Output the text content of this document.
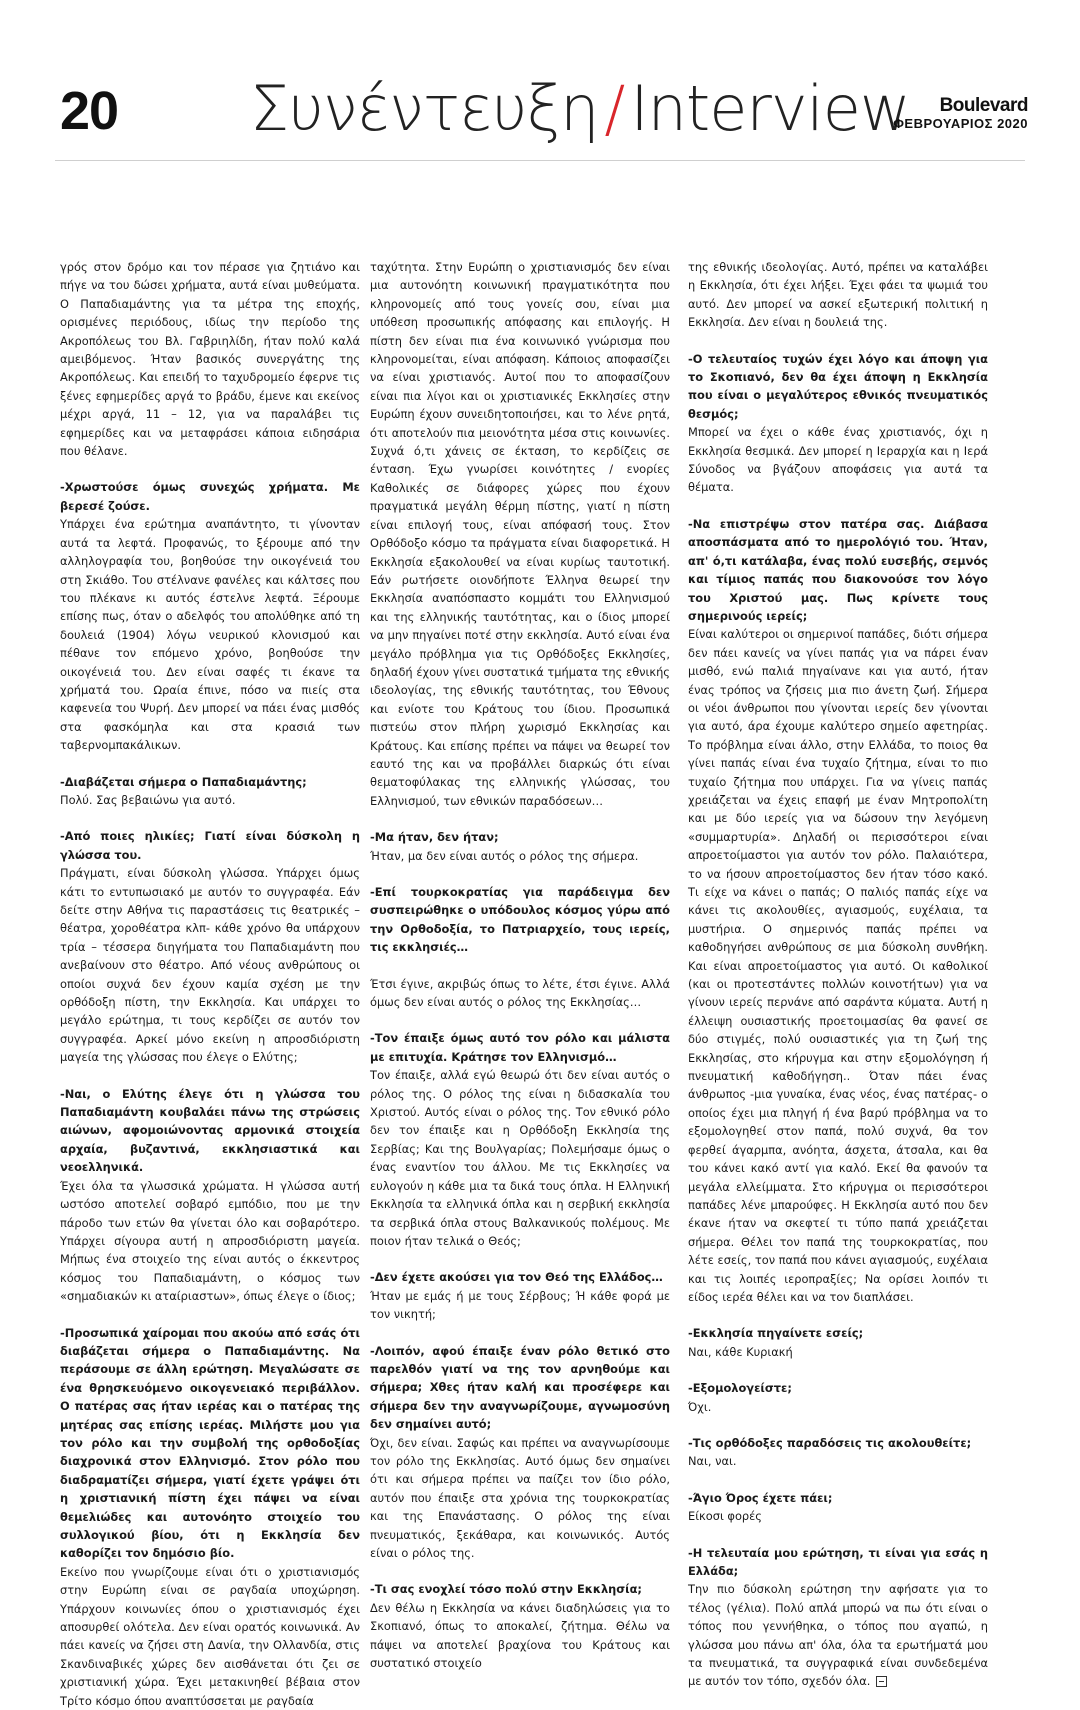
20 Συνέντευξη/Interview	Boulevard
ΦΕΒΡΟΥΑΡΙΟΣ 2020

γρός στον δρόμο και τον πέρασε για ζητιάνο και πήγε να του δώσει χρήματα, αυτά είναι μυθεύματα. Ο Παπαδιαμάντης για τα μέτρα της εποχής, ορισμένες περιόδους, ιδίως την περίοδο της Ακροπόλεως του Βλ. Γαβριηλίδη, ήταν πολύ καλά αμειβόμενος. Ήταν βασικός συνεργάτης της Ακροπόλεως. Και επειδή το ταχυδρομείο έφερνε τις ξένες εφημερίδες αργά το βράδυ, έμενε και εκείνος μέχρι αργά, 11 – 12, για να παραλάβει τις εφημερίδες και να μεταφράσει κάποια ειδησάρια που θέλανε.

-Χρωστούσε όμως συνεχώς χρήματα. Με βερεσέ ζούσε.

Υπάρχει ένα ερώτημα αναπάντητο, τι γίνονταν αυτά τα λεφτά. Προφανώς, το ξέρουμε από την αλληλογραφία του, βοηθούσε την οικογένειά του στη Σκιάθο. Του στέλνανε φανέλες και κάλτσες που του πλέκανε κι αυτός έστελνε λεφτά. Ξέρουμε επίσης πως, όταν ο αδελφός του απολύθηκε από τη δουλειά (1904) λόγω νευρικού κλονισμού και πέθανε τον επόμενο χρόνο, βοηθούσε την οικογένειά του. Δεν είναι σαφές τι έκανε τα χρήματά του. Ωραία έπινε, πόσο να πιείς στα καφενεία του Ψυρή. Δεν μπορεί να πάει ένας μισθός στα φασκόμηλα και στα κρασιά των ταβερνομπακάλικων.

-Διαβάζεται σήμερα ο Παπαδιαμάντης;

Πολύ. Σας βεβαιώνω για αυτό.

-Από ποιες ηλικίες; Γιατί είναι δύσκολη η γλώσσα του.

Πράγματι, είναι δύσκολη γλώσσα. Υπάρχει όμως κάτι το εντυπωσιακό με αυτόν το συγγραφέα. Εάν δείτε στην Αθήνα τις παραστάσεις τις θεατρικές –θέατρα, χοροθέατρα κλπ- κάθε χρόνο θα υπάρχουν τρία – τέσσερα διηγήματα του Παπαδιαμάντη που ανεβαίνουν στο θέατρο. Από νέους ανθρώπους οι οποίοι συχνά δεν έχουν καμία σχέση με την ορθόδοξη πίστη, την Εκκλησία. Και υπάρχει το μεγάλο ερώτημα, τι τους κερδίζει σε αυτόν τον συγγραφέα. Αρκεί μόνο εκείνη η απροσδιόριστη μαγεία της γλώσσας που έλεγε ο Ελύτης;

-Ναι, ο Ελύτης έλεγε ότι η γλώσσα του Παπαδιαμάντη κουβαλάει πάνω της στρώσεις αιώνων, αφομοιώνοντας αρμονικά στοιχεία αρχαία, βυζαντινά, εκκλησιαστικά και νεοελληνικά.

Έχει όλα τα γλωσσικά χρώματα. Η γλώσσα αυτή ωστόσο αποτελεί σοβαρό εμπόδιο, που με την πάροδο των ετών θα γίνεται όλο και σοβαρότερο. Υπάρχει σίγουρα αυτή η απροσδιόριστη μαγεία. Μήπως ένα στοιχείο της είναι αυτός ο έκκεντρος κόσμος του Παπαδιαμάντη, ο κόσμος των «σημαδιακών κι αταίριαστων», όπως έλεγε ο ίδιος;

-Προσωπικά χαίρομαι που ακούω από εσάς ότι διαβάζεται σήμερα ο Παπαδιαμάντης. Να περάσουμε σε άλλη ερώτηση. Μεγαλώσατε σε ένα θρησκευόμενο οικογενειακό περιβάλλον. Ο πατέρας σας ήταν ιερέας και ο πατέρας της μητέρας σας επίσης ιερέας. Μιλήστε μου για τον ρόλο και την συμβολή της ορθοδοξίας διαχρονικά στον Ελληνισμό. Στον ρόλο που διαδραματίζει σήμερα, γιατί έχετε γράψει ότι η χριστιανική πίστη έχει πάψει να είναι θεμελιώδες και αυτονόητο στοιχείο του συλλογικού βίου, ότι η Εκκλησία δεν καθορίζει τον δημόσιο βίο.

Εκείνο που γνωρίζουμε είναι ότι ο χριστιανισμός στην Ευρώπη είναι σε ραγδαία υποχώρηση. Υπάρχουν κοινωνίες όπου ο χριστιανισμός έχει αποσυρθεί ολότελα. Δεν είναι ορατός κοινωνικά. Αν πάει κανείς να ζήσει στη Δανία, την Ολλανδία, στις Σκανδιναβικές χώρες δεν αισθάνεται ότι ζει σε χριστιανική χώρα. Έχει μετακινηθεί βέβαια στον Τρίτο κόσμο όπου αναπτύσσεται με ραγδαία

ταχύτητα. Στην Ευρώπη ο χριστιανισμός δεν είναι μια αυτονόητη κοινωνική πραγματικότητα που κληρονομείς από τους γονείς σου, είναι μια υπόθεση προσωπικής απόφασης και επιλογής. Η πίστη δεν είναι πια ένα κοινωνικό γνώρισμα που κληρονομείται, είναι απόφαση. Κάποιος αποφασίζει να είναι χριστιανός. Αυτοί που το αποφασίζουν είναι πια λίγοι και οι χριστιανικές Εκκλησίες στην Ευρώπη έχουν συνειδητοποιήσει, και το λένε ρητά, ότι αποτελούν πια μειονότητα μέσα στις κοινωνίες. Συχνά ό,τι χάνεις σε έκταση, το κερδίζεις σε ένταση. Έχω γνωρίσει κοινότητες / ενορίες Καθολικές σε διάφορες χώρες που έχουν πραγματικά μεγάλη θέρμη πίστης, γιατί η πίστη είναι επιλογή τους, είναι απόφασή τους. Στον Ορθόδοξο κόσμο τα πράγματα είναι διαφορετικά. Η Εκκλησία εξακολουθεί να είναι κυρίως ταυτοτική. Εάν ρωτήσετε οιονδήποτε Έλληνα θεωρεί την Εκκλησία αναπόσπαστο κομμάτι του Ελληνισμού και της ελληνικής ταυτότητας, και ο ίδιος μπορεί να μην πηγαίνει ποτέ στην εκκλησία. Αυτό είναι ένα μεγάλο πρόβλημα για τις Ορθόδοξες Εκκλησίες, δηλαδή έχουν γίνει συστατικά τμήματα της εθνικής ιδεολογίας, της εθνικής ταυτότητας, του Έθνους και ενίοτε του Κράτους του ίδιου. Προσωπικά πιστεύω στον πλήρη χωρισμό Εκκλησίας και Κράτους. Και επίσης πρέπει να πάψει να θεωρεί τον εαυτό της και να προβάλλει διαρκώς ότι είναι θεματοφύλακας της ελληνικής γλώσσας, του Ελληνισμού, των εθνικών παραδόσεων…

-Μα ήταν, δεν ήταν;

Ήταν, μα δεν είναι αυτός ο ρόλος της σήμερα.

-Επί τουρκοκρατίας για παράδειγμα δεν συσπειρώθηκε ο υπόδουλος κόσμος γύρω από την Ορθοδοξία, το Πατριαρχείο, τους ιερείς, τις εκκλησιές…

Έτσι έγινε, ακριβώς όπως το λέτε, έτσι έγινε. Αλλά όμως δεν είναι αυτός ο ρόλος της Εκκλησίας…

-Τον έπαιξε όμως αυτό τον ρόλο και μάλιστα με επιτυχία. Κράτησε τον Ελληνισμό…

Τον έπαιξε, αλλά εγώ θεωρώ ότι δεν είναι αυτός ο ρόλος της. Ο ρόλος της είναι η διδασκαλία του Χριστού. Αυτός είναι ο ρόλος της. Τον εθνικό ρόλο δεν τον έπαιξε και η Ορθόδοξη Εκκλησία της Σερβίας; Και της Βουλγαρίας; Πολεμήσαμε όμως ο ένας εναντίον του άλλου. Με τις Εκκλησίες να ευλογούν η κάθε μια τα δικά τους όπλα. Η Ελληνική Εκκλησία τα ελληνικά όπλα και η σερβική εκκλησία τα σερβικά όπλα στους Βαλκανικούς πολέμους. Με ποιον ήταν τελικά ο Θεός;

-Δεν έχετε ακούσει για τον Θεό της Ελλάδος…

Ήταν με εμάς ή με τους Σέρβους; Ή κάθε φορά με τον νικητή;

-Λοιπόν, αφού έπαιξε έναν ρόλο θετικό στο παρελθόν γιατί να της τον αρνηθούμε και σήμερα; Χθες ήταν καλή και προσέφερε και σήμερα δεν την αναγνωρίζουμε, αγνωμοσύνη δεν σημαίνει αυτό;

Όχι, δεν είναι. Σαφώς και πρέπει να αναγνωρίσουμε τον ρόλο της Εκκλησίας. Αυτό όμως δεν σημαίνει ότι και σήμερα πρέπει να παίζει τον ίδιο ρόλο, αυτόν που έπαιξε στα χρόνια της τουρκοκρατίας και της Επανάστασης. Ο ρόλος της είναι πνευματικός, ξεκάθαρα, και κοινωνικός. Αυτός είναι ο ρόλος της.

-Τι σας ενοχλεί τόσο πολύ στην Εκκλησία;

Δεν θέλω η Εκκλησία να κάνει διαδηλώσεις για το Σκοπιανό, όπως το αποκαλεί, ζήτημα. Θέλω να πάψει να αποτελεί βραχίονα του Κράτους και συστατικό στοιχείο

της εθνικής ιδεολογίας. Αυτό, πρέπει να καταλάβει η Εκκλησία, ότι έχει λήξει. Έχει φάει τα ψωμιά του αυτό. Δεν μπορεί να ασκεί εξωτερική πολιτική η Εκκλησία. Δεν είναι η δουλειά της.

-Ο τελευταίος τυχών έχει λόγο και άποψη για το Σκοπιανό, δεν θα έχει άποψη η Εκκλησία που είναι ο μεγαλύτερος εθνικός πνευματικός θεσμός;

Μπορεί να έχει ο κάθε ένας χριστιανός, όχι η Εκκλησία θεσμικά. Δεν μπορεί η Ιεραρχία και η Ιερά Σύνοδος να βγάζουν αποφάσεις για αυτά τα θέματα.

-Να επιστρέψω στον πατέρα σας. Διάβασα αποσπάσματα από το ημερολόγιό του. Ήταν, απ' ό,τι κατάλαβα, ένας πολύ ευσεβής, σεμνός και τίμιος παπάς που διακονούσε τον λόγο του Χριστού μας. Πως κρίνετε τους σημερινούς ιερείς;

Είναι καλύτεροι οι σημερινοί παπάδες, διότι σήμερα δεν πάει κανείς να γίνει παπάς για να πάρει έναν μισθό, ενώ παλιά πηγαίνανε και για αυτό, ήταν ένας τρόπος να ζήσεις μια πιο άνετη ζωή. Σήμερα οι νέοι άνθρωποι που γίνονται ιερείς δεν γίνονται για αυτό, άρα έχουμε καλύτερο σημείο αφετηρίας. Το πρόβλημα είναι άλλο, στην Ελλάδα, το ποιος θα γίνει παπάς είναι ένα τυχαίο ζήτημα, είναι το πιο τυχαίο ζήτημα που υπάρχει. Για να γίνεις παπάς χρειάζεται να έχεις επαφή με έναν Μητροπολίτη και με δύο ιερείς για να δώσουν την λεγόμενη «συμμαρτυρία». Δηλαδή οι περισσότεροι είναι απροετοίμαστοι για αυτόν τον ρόλο. Παλαιότερα, το να ήσουν απροετοίμαστος δεν ήταν τόσο κακό. Τι είχε να κάνει ο παπάς; Ο παλιός παπάς είχε να κάνει τις ακολουθίες, αγιασμούς, ευχέλαια, τα μυστήρια. Ο σημερινός παπάς πρέπει να καθοδηγήσει ανθρώπους σε μια δύσκολη συνθήκη. Και είναι απροετοίμαστος για αυτό. Οι καθολικοί (και οι προτεστάντες πολλών κοινοτήτων) για να γίνουν ιερείς περνάνε από σαράντα κύματα. Αυτή η έλλειψη ουσιαστικής προετοιμασίας θα φανεί σε δύο στιγμές, πολύ ουσιαστικές για τη ζωή της Εκκλησίας, στο κήρυγμα και στην εξομολόγηση ή πνευματική καθοδήγηση.. Όταν πάει ένας άνθρωπος -μια γυναίκα, ένας νέος, ένας πατέρας- ο οποίος έχει μια πληγή ή ένα βαρύ πρόβλημα να το εξομολογηθεί στον παπά, πολύ συχνά, θα τον φερθεί άγαρμπα, ανόητα, άσχετα, άτσαλα, και θα του κάνει κακό αντί για καλό. Εκεί θα φανούν τα μεγάλα ελλείμματα. Στο κήρυγμα οι περισσότεροι παπάδες λένε μπαρούφες. Η Εκκλησία αυτό που δεν έκανε ήταν να σκεφτεί τι τύπο παπά χρειάζεται σήμερα. Θέλει τον παπά της τουρκοκρατίας, που λέτε εσείς, τον παπά που κάνει αγιασμούς, ευχέλαια και τις λοιπές ιεροπραξίες; Να ορίσει λοιπόν τι είδος ιερέα θέλει και να τον διαπλάσει.

-Εκκλησία πηγαίνετε εσείς;

Ναι, κάθε Κυριακή

-Εξομολογείστε;

Όχι.

-Τις ορθόδοξες παραδόσεις τις ακολουθείτε;

Ναι, ναι.

-Άγιο Όρος έχετε πάει;

Είκοσι φορές

-Η τελευταία μου ερώτηση, τι είναι για εσάς η Ελλάδα;

Την πιο δύσκολη ερώτηση την αφήσατε για το τέλος (γέλια). Πολύ απλά μπορώ να πω ότι είναι ο τόπος που γεννήθηκα, ο τόπος που αγαπώ, η γλώσσα μου πάνω απ' όλα, όλα τα ερωτήματά μου τα πνευματικά, τα συγγραφικά είναι συνδεδεμένα με αυτόν τον τόπο, σχεδόν όλα.
